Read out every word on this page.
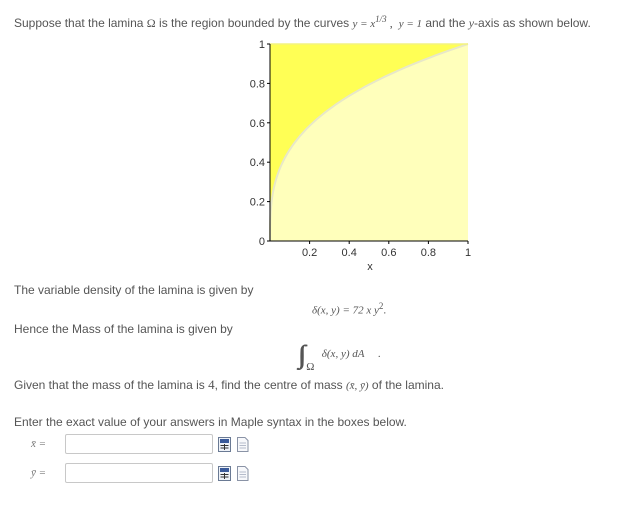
Suppose that the lamina Ω is the region bounded by the curves $y = x^{1/3}$ , y = 1 and the y-axis as shown below.
0
0.2
0.4
0.6
0.8
1
0.2 0.4 0.6 0.8	1
x
The variable density of the lamina is given by
δ(x, y) = 72 x $y^2$.
Hence the Mass of the lamina is given by
∫∫ $_\Omega$ δ(x, y) dA .
Given that the mass of the lamina is 4, find the centre of mass (x̄, ȳ) of the lamina.
Enter the exact value of your answers in Maple syntax in the boxes below.
x̄ =
ȳ =
